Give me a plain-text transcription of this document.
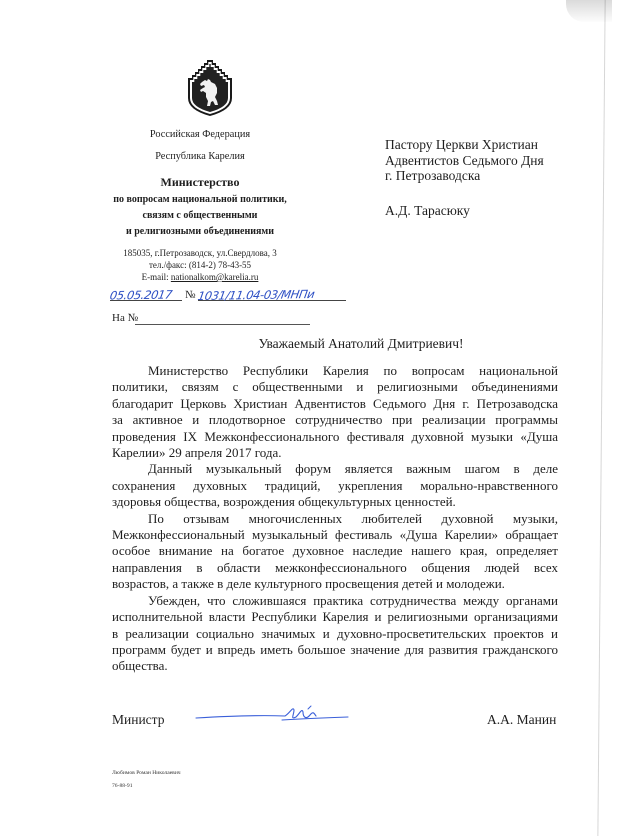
Российская Федерация
Республика Карелия
Министерство
по вопросам национальной политики,
связям с общественными
и религиозными объединениями
185035, г.Петрозаводск, ул.Свердлова, 3
тел./факс: (814-2) 78-43-55
E-mail: nationalkom@karelia.ru
05.05.2017	№ 1031/11.04-03/МНПи
На №
Пастору Церкви Христиан
Адвентистов Седьмого Дня
г. Петрозаводска
А.Д. Тарасюку
Уважаемый Анатолий Дмитриевич!
Министерство Республики Карелия по вопросам национальной
политики, связям с общественными и религиозными объединениями
благодарит Церковь Христиан Адвентистов Седьмого Дня г. Петрозаводска
за активное и плодотворное сотрудничество при реализации программы
проведения IX Межконфессионального фестиваля духовной музыки «Душа
Карелии» 29 апреля 2017 года.
Данный музыкальный форум является важным шагом в деле
сохранения духовных традиций, укрепления морально-нравственного
здоровья общества, возрождения общекультурных ценностей.
По отзывам многочисленных любителей духовной музыки,
Межконфессиональный музыкальный фестиваль «Душа Карелии» обращает
особое внимание на богатое духовное наследие нашего края, определяет
направления в области межконфессионального общения людей всех
возрастов, а также в деле культурного просвещения детей и молодежи.
Убежден, что сложившаяся практика сотрудничества между органами
исполнительной власти Республики Карелия и религиозными организациями
в реализации социально значимых и духовно-просветительских проектов и
программ будет и впредь иметь большое значение для развития гражданского
общества.
Министр	А.А. Манин
Любимов Роман Николаевич
76-88-91
